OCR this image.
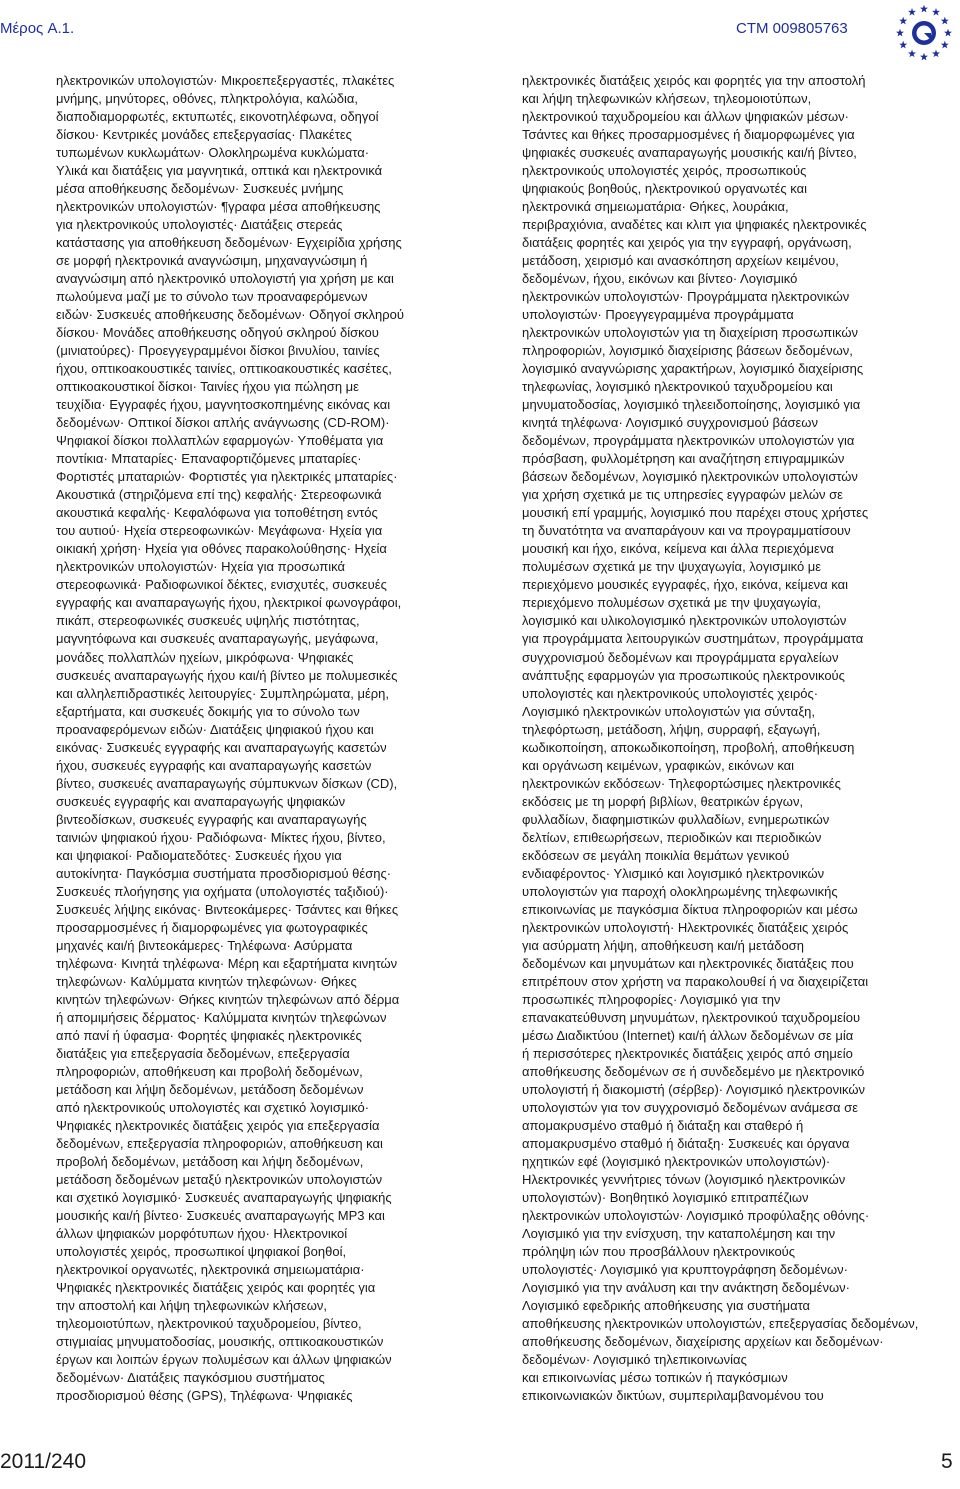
Μέρος A.1.	CTM 009805763
ηλεκτρονικών υπολογιστών· Μικροεπεξεργαστές, πλακέτες
μνήμης, μηνύτορες, οθόνες, πληκτρολόγια, καλώδια,
διαποδιαμορφωτές, εκτυπωτές, εικονοτηλέφωνα, οδηγοί
δίσκου· Κεντρικές μονάδες επεξεργασίας· Πλακέτες
τυπωμένων κυκλωμάτων· Ολοκληρωμένα κυκλώματα·
Υλικά και διατάξεις για μαγνητικά, οπτικά και ηλεκτρονικά
μέσα αποθήκευσης δεδομένων· Συσκευές μνήμης
ηλεκτρονικών υπολογιστών· ¶γραφα μέσα αποθήκευσης
για ηλεκτρονικούς υπολογιστές· Διατάξεις στερεάς
κατάστασης για αποθήκευση δεδομένων· Εγχειρίδια χρήσης
σε μορφή ηλεκτρονικά αναγνώσιμη, μηχαναγνώσιμη ή
αναγνώσιμη από ηλεκτρονικό υπολογιστή για χρήση με και
πωλούμενα μαζί με το σύνολο των προαναφερόμενων
ειδών· Συσκευές αποθήκευσης δεδομένων· Οδηγοί σκληρού
δίσκου· Μονάδες αποθήκευσης οδηγού σκληρού δίσκου
(μινιατούρες)· Προεγγεγραμμένοι δίσκοι βινυλίου, ταινίες
ήχου, οπτικοακουστικές ταινίες, οπτικοακουστικές κασέτες,
οπτικοακουστικοί δίσκοι· Ταινίες ήχου για πώληση με
τευχίδια· Εγγραφές ήχου, μαγνητοσκοπημένης εικόνας και
δεδομένων· Οπτικοί δίσκοι απλής ανάγνωσης (CD-ROM)·
Ψηφιακοί δίσκοι πολλαπλών εφαρμογών· Υποθέματα για
ποντίκια· Μπαταρίες· Επαναφορτιζόμενες μπαταρίες·
Φορτιστές μπαταριών· Φορτιστές για ηλεκτρικές μπαταρίες·
Ακουστικά (στηριζόμενα επί της) κεφαλής· Στερεοφωνικά
ακουστικά κεφαλής· Κεφαλόφωνα για τοποθέτηση εντός
του αυτιού· Ηχεία στερεοφωνικών· Μεγάφωνα· Ηχεία για
οικιακή χρήση· Ηχεία για οθόνες παρακολούθησης· Ηχεία
ηλεκτρονικών υπολογιστών· Ηχεία για προσωπικά
στερεοφωνικά· Ραδιοφωνικοί δέκτες, ενισχυτές, συσκευές
εγγραφής και αναπαραγωγής ήχου, ηλεκτρικοί φωνογράφοι,
πικάπ, στερεοφωνικές συσκευές υψηλής πιστότητας,
μαγνητόφωνα και συσκευές αναπαραγωγής, μεγάφωνα,
μονάδες πολλαπλών ηχείων, μικρόφωνα· Ψηφιακές
συσκευές αναπαραγωγής ήχου και/ή βίντεο με πολυμεσικές
και αλληλεπιδραστικές λειτουργίες· Συμπληρώματα, μέρη,
εξαρτήματα, και συσκευές δοκιμής για το σύνολο των
προαναφερόμενων ειδών· Διατάξεις ψηφιακού ήχου και
εικόνας· Συσκευές εγγραφής και αναπαραγωγής κασετών
ήχου, συσκευές εγγραφής και αναπαραγωγής κασετών
βίντεο, συσκευές αναπαραγωγής σύμπυκνων δίσκων (CD),
συσκευές εγγραφής και αναπαραγωγής ψηφιακών
βιντεοδίσκων, συσκευές εγγραφής και αναπαραγωγής
ταινιών ψηφιακού ήχου· Ραδιόφωνα· Μίκτες ήχου, βίντεο,
και ψηφιακοί· Ραδιοματεδότες· Συσκευές ήχου για
αυτοκίνητα· Παγκόσμια συστήματα προσδιορισμού θέσης·
Συσκευές πλοήγησης για οχήματα (υπολογιστές ταξιδιού)·
Συσκευές λήψης εικόνας· Βιντεοκάμερες· Τσάντες και θήκες
προσαρμοσμένες ή διαμορφωμένες για φωτογραφικές
μηχανές και/ή βιντεοκάμερες· Τηλέφωνα· Ασύρματα
τηλέφωνα· Κινητά τηλέφωνα· Μέρη και εξαρτήματα κινητών
τηλεφώνων· Καλύμματα κινητών τηλεφώνων· Θήκες
κινητών τηλεφώνων· Θήκες κινητών τηλεφώνων από δέρμα
ή απομιμήσεις δέρματος· Καλύμματα κινητών τηλεφώνων
από πανί ή ύφασμα· Φορητές ψηφιακές ηλεκτρονικές
διατάξεις για επεξεργασία δεδομένων, επεξεργασία
πληροφοριών, αποθήκευση και προβολή δεδομένων,
μετάδοση και λήψη δεδομένων, μετάδοση δεδομένων
από ηλεκτρονικούς υπολογιστές και σχετικό λογισμικό·
Ψηφιακές ηλεκτρονικές διατάξεις χειρός για επεξεργασία
δεδομένων, επεξεργασία πληροφοριών, αποθήκευση και
προβολή δεδομένων, μετάδοση και λήψη δεδομένων,
μετάδοση δεδομένων μεταξύ ηλεκτρονικών υπολογιστών
και σχετικό λογισμικό· Συσκευές αναπαραγωγής ψηφιακής
μουσικής και/ή βίντεο· Συσκευές αναπαραγωγής MP3 και
άλλων ψηφιακών μορφότυπων ήχου· Ηλεκτρονικοί
υπολογιστές χειρός, προσωπικοί ψηφιακοί βοηθοί,
ηλεκτρονικοί οργανωτές, ηλεκτρονικά σημειωματάρια·
Ψηφιακές ηλεκτρονικές διατάξεις χειρός και φορητές για
την αποστολή και λήψη τηλεφωνικών κλήσεων,
τηλεομοιοτύπων, ηλεκτρονικού ταχυδρομείου, βίντεο,
στιγμιαίας μηνυματοδοσίας, μουσικής, οπτικοακουστικών
έργων και λοιπών έργων πολυμέσων και άλλων ψηφιακών
δεδομένων· Διατάξεις παγκόσμιου συστήματος
προσδιορισμού θέσης (GPS), Τηλέφωνα· Ψηφιακές
ηλεκτρονικές διατάξεις χειρός και φορητές για την αποστολή
και λήψη τηλεφωνικών κλήσεων, τηλεομοιοτύπων,
ηλεκτρονικού ταχυδρομείου και άλλων ψηφιακών μέσων·
Τσάντες και θήκες προσαρμοσμένες ή διαμορφωμένες για
ψηφιακές συσκευές αναπαραγωγής μουσικής και/ή βίντεο,
ηλεκτρονικούς υπολογιστές χειρός, προσωπικούς
ψηφιακούς βοηθούς, ηλεκτρονικού οργανωτές και
ηλεκτρονικά σημειωματάρια· Θήκες, λουράκια,
περιβραχιόνια, αναδέτες και κλιπ για ψηφιακές ηλεκτρονικές
διατάξεις φορητές και χειρός για την εγγραφή, οργάνωση,
μετάδοση, χειρισμό και ανασκόπηση αρχείων κειμένου,
δεδομένων, ήχου, εικόνων και βίντεο· Λογισμικό
ηλεκτρονικών υπολογιστών· Προγράμματα ηλεκτρονικών
υπολογιστών· Προεγγεγραμμένα προγράμματα
ηλεκτρονικών υπολογιστών για τη διαχείριση προσωπικών
πληροφοριών, λογισμικό διαχείρισης βάσεων δεδομένων,
λογισμικό αναγνώρισης χαρακτήρων, λογισμικό διαχείρισης
τηλεφωνίας, λογισμικό ηλεκτρονικού ταχυδρομείου και
μηνυματοδοσίας, λογισμικό τηλεειδοποίησης, λογισμικό για
κινητά τηλέφωνα· Λογισμικό συγχρονισμού βάσεων
δεδομένων, προγράμματα ηλεκτρονικών υπολογιστών για
πρόσβαση, φυλλομέτρηση και αναζήτηση επιγραμμικών
βάσεων δεδομένων, λογισμικό ηλεκτρονικών υπολογιστών
για χρήση σχετικά με τις υπηρεσίες εγγραφών μελών σε
μουσική επί γραμμής, λογισμικό που παρέχει στους χρήστες
τη δυνατότητα να αναπαράγουν και να προγραμματίσουν
μουσική και ήχο, εικόνα, κείμενα και άλλα περιεχόμενα
πολυμέσων σχετικά με την ψυχαγωγία, λογισμικό με
περιεχόμενο μουσικές εγγραφές, ήχο, εικόνα, κείμενα και
περιεχόμενο πολυμέσων σχετικά με την ψυχαγωγία,
λογισμικό και υλικολογισμικό ηλεκτρονικών υπολογιστών
για προγράμματα λειτουργικών συστημάτων, προγράμματα
συγχρονισμού δεδομένων και προγράμματα εργαλείων
ανάπτυξης εφαρμογών για προσωπικούς ηλεκτρονικούς
υπολογιστές και ηλεκτρονικούς υπολογιστές χειρός·
Λογισμικό ηλεκτρονικών υπολογιστών για σύνταξη,
τηλεφόρτωση, μετάδοση, λήψη, συρραφή, εξαγωγή,
κωδικοποίηση, αποκωδικοποίηση, προβολή, αποθήκευση
και οργάνωση κειμένων, γραφικών, εικόνων και
ηλεκτρονικών εκδόσεων· Τηλεφορτώσιμες ηλεκτρονικές
εκδόσεις με τη μορφή βιβλίων, θεατρικών έργων,
φυλλαδίων, διαφημιστικών φυλλαδίων, ενημερωτικών
δελτίων, επιθεωρήσεων, περιοδικών και περιοδικών
εκδόσεων σε μεγάλη ποικιλία θεμάτων γενικού
ενδιαφέροντος· Υλισμικό και λογισμικό ηλεκτρονικών
υπολογιστών για παροχή ολοκληρωμένης τηλεφωνικής
επικοινωνίας με παγκόσμια δίκτυα πληροφοριών και μέσω
ηλεκτρονικών υπολογιστή· Ηλεκτρονικές διατάξεις χειρός
για ασύρματη λήψη, αποθήκευση και/ή μετάδοση
δεδομένων και μηνυμάτων και ηλεκτρονικές διατάξεις που
επιτρέπουν στον χρήστη να παρακολουθεί ή να διαχειρίζεται
προσωπικές πληροφορίες· Λογισμικό για την
επανακατεύθυνση μηνυμάτων, ηλεκτρονικού ταχυδρομείου
μέσω Διαδικτύου (Internet) και/ή άλλων δεδομένων σε μία
ή περισσότερες ηλεκτρονικές διατάξεις χειρός από σημείο
αποθήκευσης δεδομένων σε ή συνδεδεμένο με ηλεκτρονικό
υπολογιστή ή διακομιστή (σέρβερ)· Λογισμικό ηλεκτρονικών
υπολογιστών για τον συγχρονισμό δεδομένων ανάμεσα σε
απομακρυσμένο σταθμό ή διάταξη και σταθερό ή
απομακρυσμένο σταθμό ή διάταξη· Συσκευές και όργανα
ηχητικών εφέ (λογισμικό ηλεκτρονικών υπολογιστών)·
Ηλεκτρονικές γεννήτριες τόνων (λογισμικό ηλεκτρονικών
υπολογιστών)· Βοηθητικό λογισμικό επιτραπέζιων
ηλεκτρονικών υπολογιστών· Λογισμικό προφύλαξης οθόνης·
Λογισμικό για την ενίσχυση, την καταπολέμηση και την
πρόληψη ιών που προσβάλλουν ηλεκτρονικούς
υπολογιστές· Λογισμικό για κρυπτογράφηση δεδομένων·
Λογισμικό για την ανάλυση και την ανάκτηση δεδομένων·
Λογισμικό εφεδρικής αποθήκευσης για συστήματα
αποθήκευσης ηλεκτρονικών υπολογιστών, επεξεργασίας δεδομένων,
αποθήκευσης δεδομένων, διαχείρισης αρχείων και δεδομένων·
δεδομένων· Λογισμικό τηλεπικοινωνίας
και επικοινωνίας μέσω τοπικών ή παγκόσμιων
επικοινωνιακών δικτύων, συμπεριλαμβανομένου του
2011/240	5
